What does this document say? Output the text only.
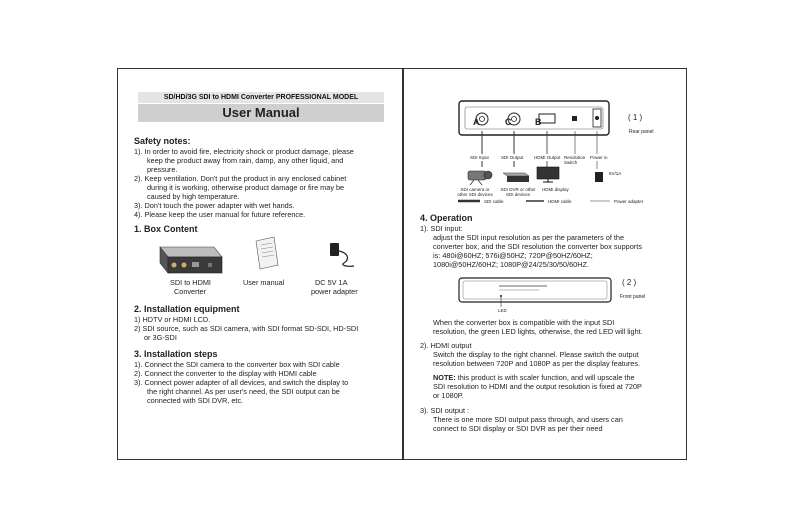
SD/HD/3G SDI to HDMI Converter PROFESSIONAL MODEL
User Manual
Safety notes:
1). In order to avoid fire, electricity shock or product damage, please
keep the product away from rain, damp, any other liquid, and
pressure.
2). Keep ventilation. Don't put the product in any enclosed cabinet
during it is working, otherwise product damage or fire may be
caused by high temperature.
3). Don't touch the power adapter with wet hands.
4). Please keep the user manual for future reference.
1. Box Content
SDI to HDMI
Converter
User manual	DC 5V 1A
power adapter
2. Installation equipment
1) HDTV or HDMI LCD.
2) SDI source, such as SDI camera, with SDI format SD-SDI, HD-SDI
or 3G-SDI
3. Installation steps
1). Connect the SDI camera to the converter box with SDI cable
2). Connect the converter to the display with HDMI cable
3). Connect power adapter of all devices, and switch the display to
the right channel. As per user's need, the SDI output can be
connected with SDI DVR, etc.
A	C	B	( 1 )
Rear panel
SDI Input	SDI Output HDMI Output Resolution Switch
Power in
SDI camera or other SDI devices
SDI DVR or other SDI devices
HDMI display
5V/1A
SDI cable	HDMI cable	Power adapter
4. Operation
1). SDI input:
adjust the SDI input resolution as per the parameters of the
converter box, and the SDI resolution the converter box supports
is: 480i@60HZ; 576i@50HZ; 720P@50HZ/60HZ;
1080i@50HZ/60HZ; 1080P@24/25/30/50/60HZ.
( 2 )
Front panel
LED
When the converter box is compatible with the input SDI
resolution, the green LED lights, otherwise, the red LED will light.
2). HDMI output
Switch the display to the right channel. Please switch the output
resolution between 720P and 1080P as per the display features.
NOTE: this product is with scaler function, and will upscale the
SDI resolution to HDMI and the output resolution is fixed at 720P
or 1080P.
3). SDI output :
There is one more SDI output pass through, and users can
connect to SDI display or SDI DVR as per their need
